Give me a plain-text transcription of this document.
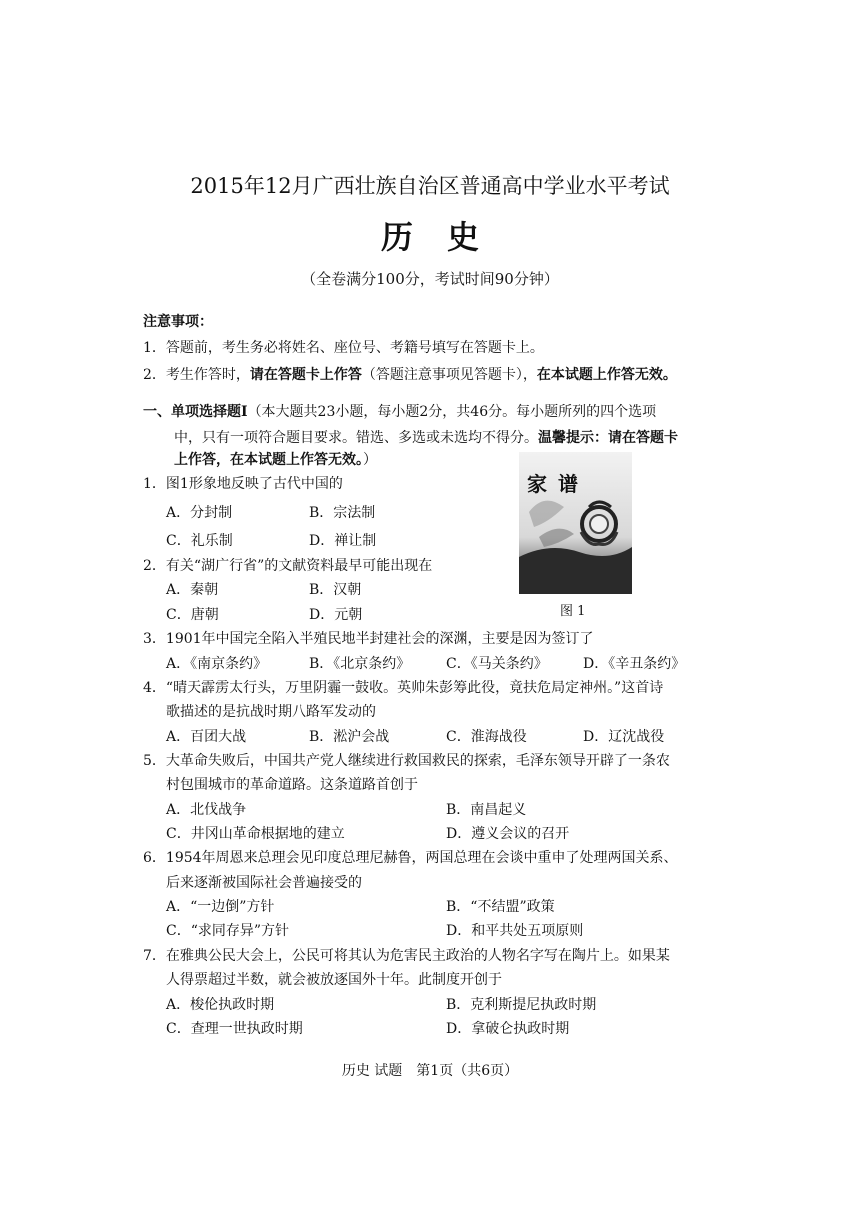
2015年12月广西壮族自治区普通高中学业水平考试
历史
（全卷满分100分，考试时间90分钟）
注意事项：
1．答题前，考生务必将姓名、座位号、考籍号填写在答题卡上。
2．考生作答时，请在答题卡上作答（答题注意事项见答题卡），在本试题上作答无效。
一、单项选择题Ⅰ（本大题共23小题，每小题2分，共46分。每小题所列的四个选项
中，只有一项符合题目要求。错选、多选或未选均不得分。温馨提示：请在答题卡
上作答，在本试题上作答无效。）
家 谱
图 1
1．图1形象地反映了古代中国的
A．分封制	B．宗法制
C．礼乐制	D．禅让制
2．有关“湖广行省”的文献资料最早可能出现在
A．秦朝	B．汉朝
C．唐朝	D．元朝
3．1901年中国完全陷入半殖民地半封建社会的深渊，主要是因为签订了
A．《南京条约》	B．《北京条约》	C．《马关条约》	D．《辛丑条约》
4．“晴天霹雳太行头，万里阴霾一鼓收。英帅朱彭筹此役，竟扶危局定神州。”这首诗
歌描述的是抗战时期八路军发动的
A．百团大战	B．淞沪会战	C．淮海战役	D．辽沈战役
5．大革命失败后，中国共产党人继续进行救国救民的探索，毛泽东领导开辟了一条农
村包围城市的革命道路。这条道路首创于
A．北伐战争	B．南昌起义
C．井冈山革命根据地的建立	D．遵义会议的召开
6．1954年周恩来总理会见印度总理尼赫鲁，两国总理在会谈中重申了处理两国关系、
后来逐渐被国际社会普遍接受的
A．“一边倒”方针	B．“不结盟”政策
C．“求同存异”方针	D．和平共处五项原则
7．在雅典公民大会上，公民可将其认为危害民主政治的人物名字写在陶片上。如果某
人得票超过半数，就会被放逐国外十年。此制度开创于
A．梭伦执政时期	B．克利斯提尼执政时期
C．查理一世执政时期	D．拿破仑执政时期
历史 试题　第1页（共6页）
